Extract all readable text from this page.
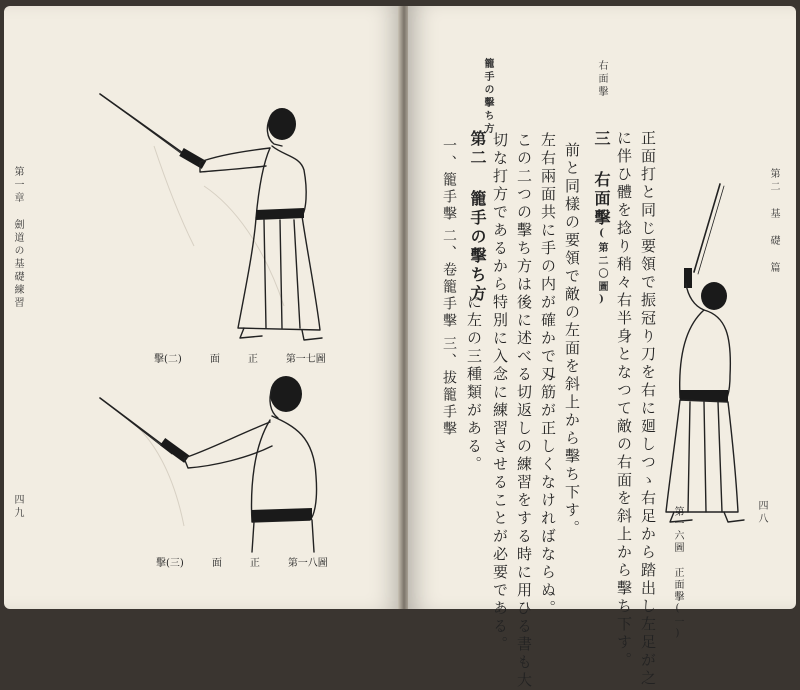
第一章 劍道の基礎練習
四九
第一七圖
正
面
擊(二)
第一八圖
正
面
擊(三)
第二 基 礎 篇
四八
第一六圖 正面擊(一)
右面擊
籠手の擊ち方
正面打と同じ要領で振冠り刀を右に廻しつゝ右足から踏出し左足が之
に伴ひ體を捻り稍々右半身となつて敵の右面を斜上から擊ち下す。
三 右面擊(第二〇圖)
前と同樣の要領で敵の左面を斜上から擊ち下す。
左右兩面共に手の内が確かで刄筋が正しくなければならぬ。
この二つの擊ち方は後に述べる切返しの練習をする時に用ひる書も大
切な打方であるから特別に入念に練習させることが必要である。
第二 籠手の擊ち方
に左の三種類がある。
一、籠手擊
二、卷籠手擊
三、拔籠手擊
